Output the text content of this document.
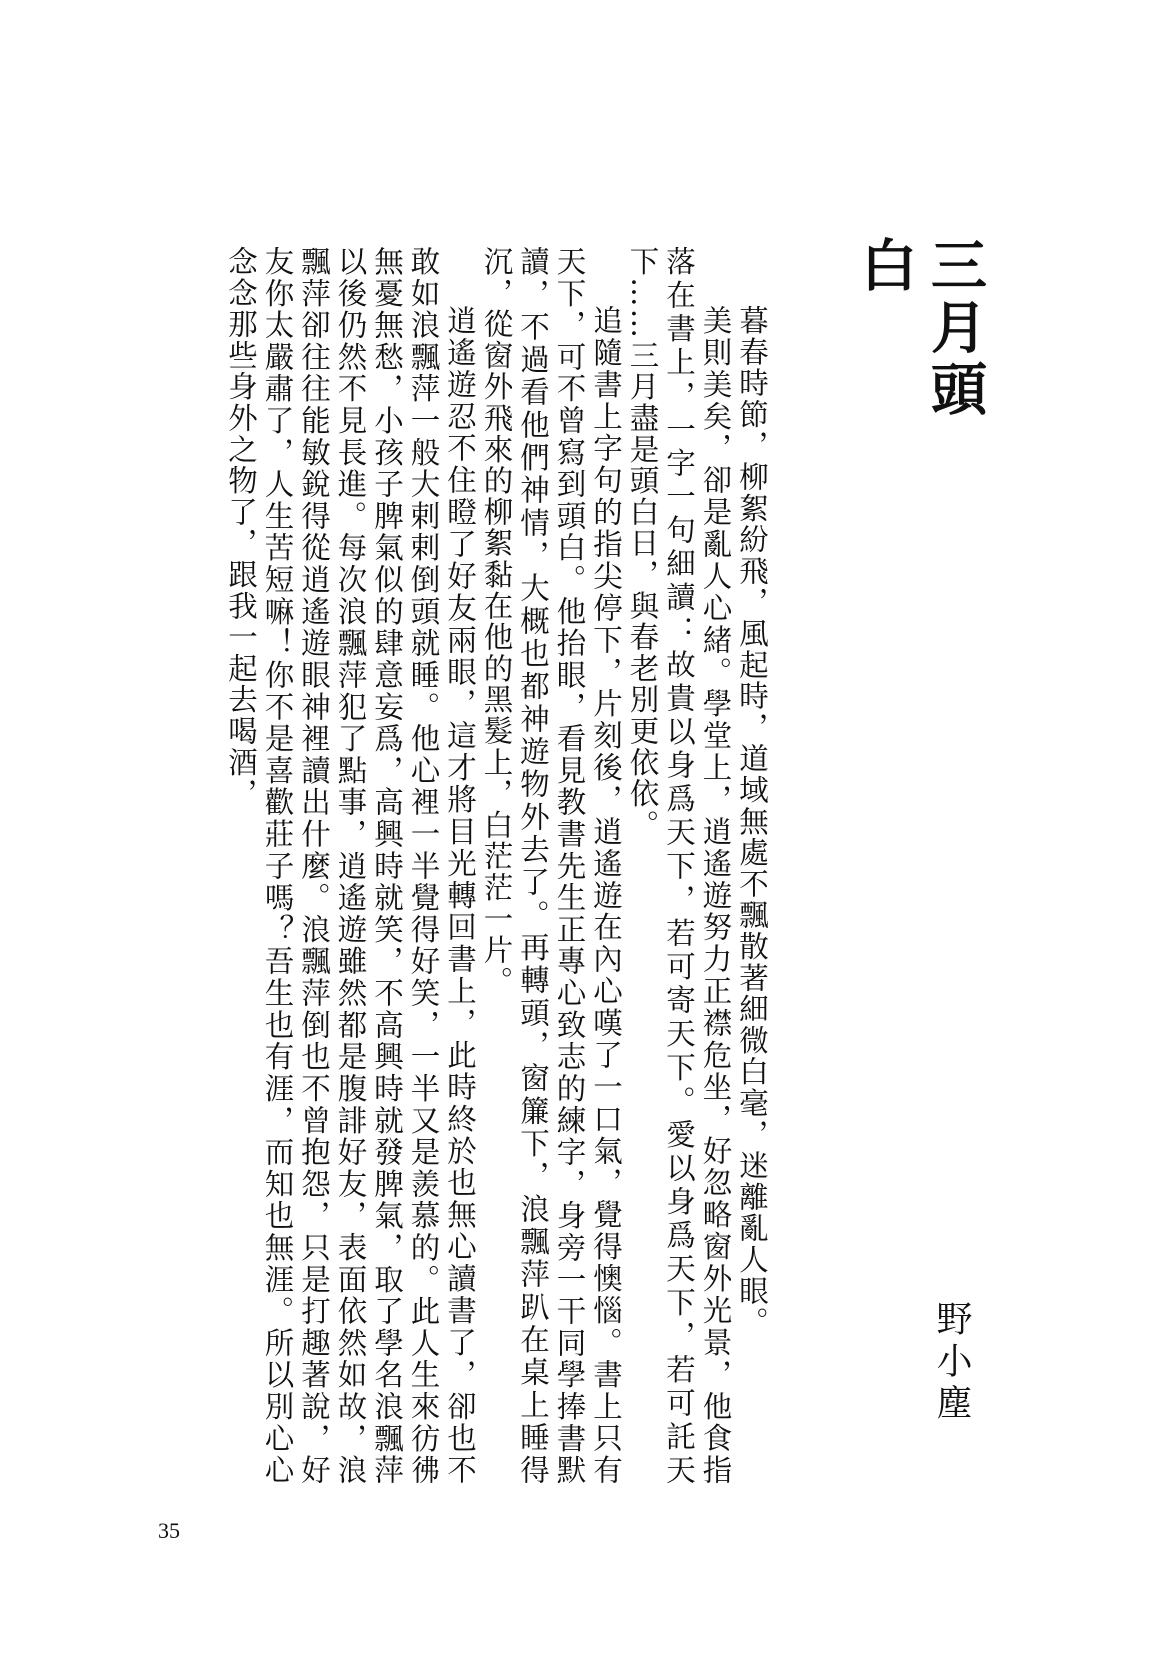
三月頭白
野小塵

暮春時節，柳絮紛飛，風起時，道域無處不飄散著細微白毫，迷離亂人眼。

美則美矣，卻是亂人心緒。學堂上，逍遙遊努力正襟危坐，好忽略窗外光景，他食指落在書上，一字一句細讀：故貴以身爲天下，若可寄天下。愛以身爲天下，若可託天下……三月盡是頭白日，與春老別更依依。

追隨書上字句的指尖停下，片刻後，逍遙遊在內心嘆了一口氣，覺得懊惱。書上只有天下，可不曾寫到頭白。他抬眼，看見教書先生正專心致志的練字，身旁一干同學捧書默讀，不過看他們神情，大概也都神遊物外去了。再轉頭，窗簾下，浪飄萍趴在桌上睡得沉，從窗外飛來的柳絮黏在他的黑髮上，白茫茫一片。

逍遙遊忍不住瞪了好友兩眼，這才將目光轉回書上，此時終於也無心讀書了，卻也不敢如浪飄萍一般大剌剌倒頭就睡。他心裡一半覺得好笑，一半又是羨慕的。此人生來彷彿無憂無愁，小孩子脾氣似的肆意妄爲，高興時就笑，不高興時就發脾氣，取了學名浪飄萍以後仍然不見長進。每次浪飄萍犯了點事，逍遙遊雖然都是腹誹好友，表面依然如故，浪飄萍卻往往能敏銳得從逍遙遊眼神裡讀出什麼。浪飄萍倒也不曾抱怨，只是打趣著說，好友你太嚴肅了，人生苦短嘛！你不是喜歡莊子嗎？吾生也有涯，而知也無涯。所以別心心念念那些身外之物了，跟我一起去喝酒，

35
